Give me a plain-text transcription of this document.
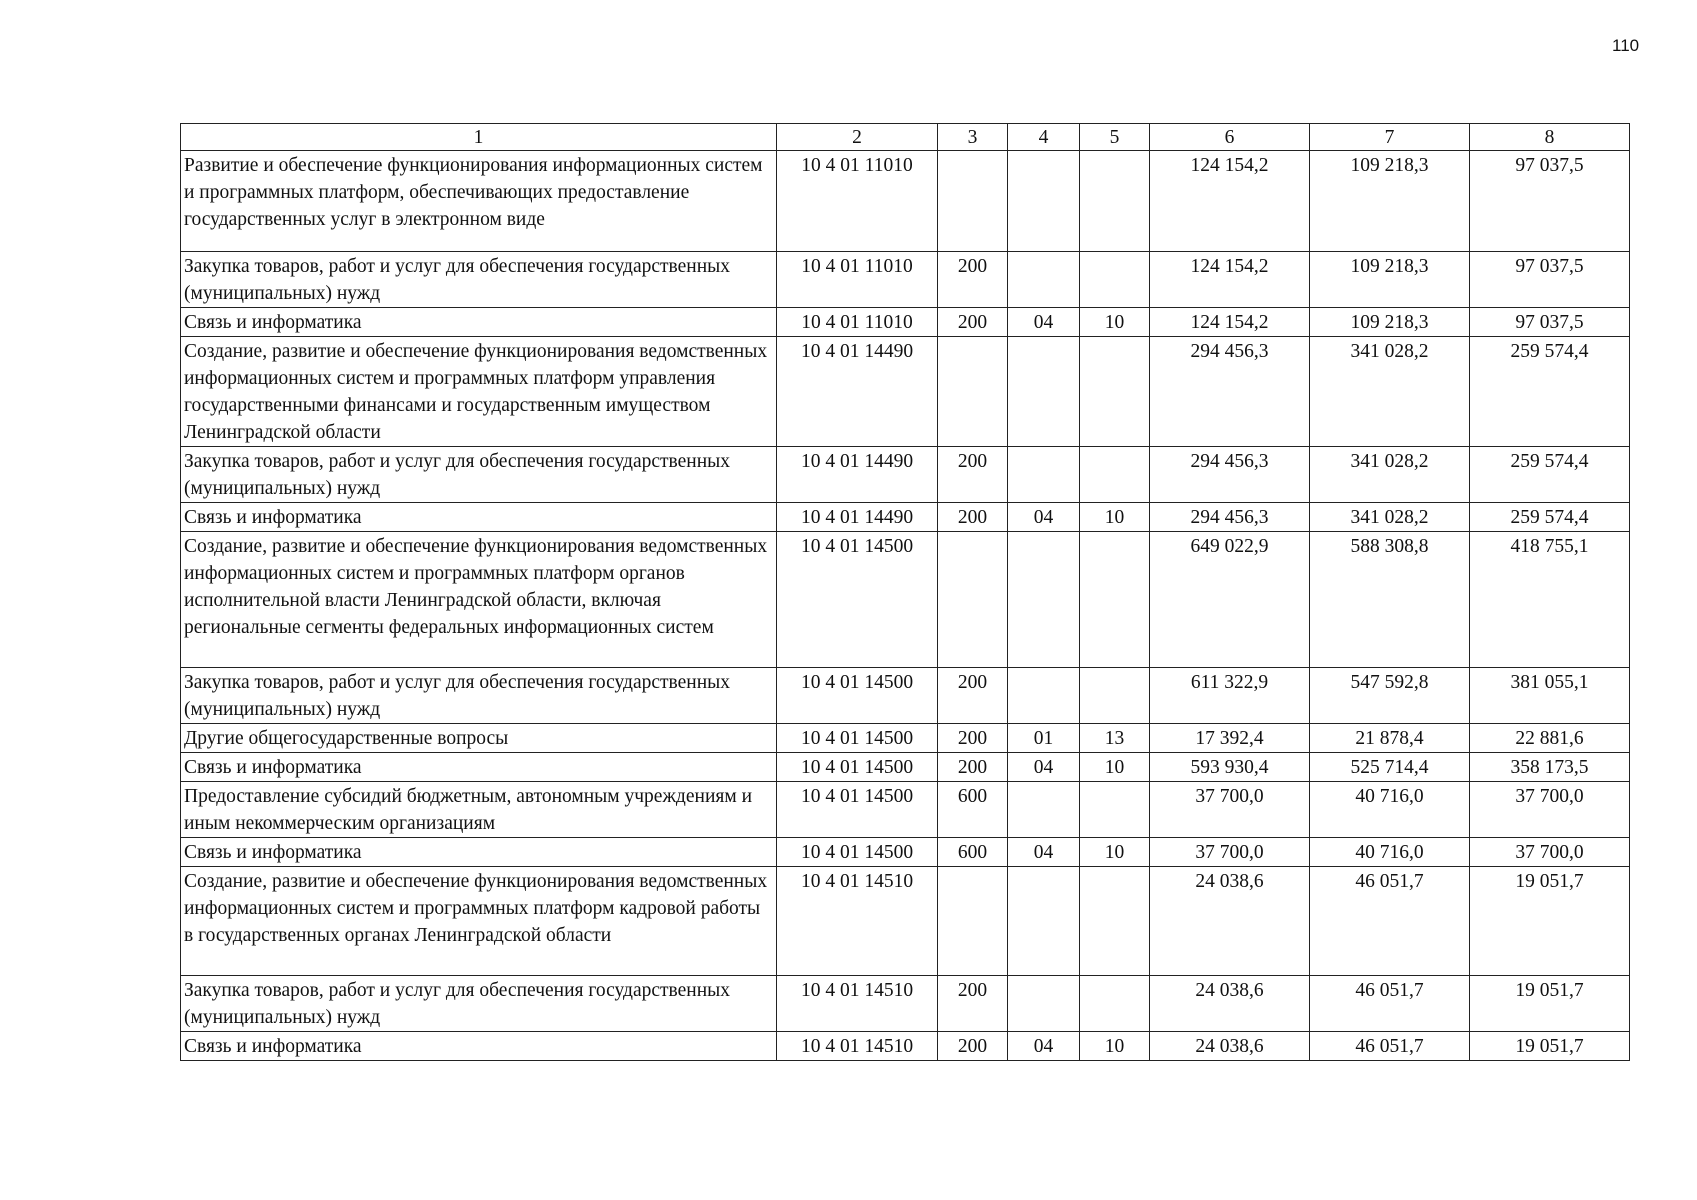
110
1	2	3	4	5	6	7	8
Развитие и обеспечение функционирования информационных систем и программных платформ, обеспечивающих предоставление государственных услуг в электронном виде	10 4 01 11010				124 154,2	109 218,3	97 037,5
Закупка товаров, работ и услуг для обеспечения государственных (муниципальных) нужд	10 4 01 11010	200			124 154,2	109 218,3	97 037,5
Связь и информатика	10 4 01 11010	200	04	10	124 154,2	109 218,3	97 037,5
Создание, развитие и обеспечение функционирования ведомственных информационных систем и программных платформ управления государственными финансами и государственным имуществом Ленинградской области	10 4 01 14490				294 456,3	341 028,2	259 574,4
Закупка товаров, работ и услуг для обеспечения государственных (муниципальных) нужд	10 4 01 14490	200			294 456,3	341 028,2	259 574,4
Связь и информатика	10 4 01 14490	200	04	10	294 456,3	341 028,2	259 574,4
Создание, развитие и обеспечение функционирования ведомственных информационных систем и программных платформ органов исполнительной власти Ленинградской области, включая региональные сегменты федеральных информационных систем	10 4 01 14500				649 022,9	588 308,8	418 755,1
Закупка товаров, работ и услуг для обеспечения государственных (муниципальных) нужд	10 4 01 14500	200			611 322,9	547 592,8	381 055,1
Другие общегосударственные вопросы	10 4 01 14500	200	01	13	17 392,4	21 878,4	22 881,6
Связь и информатика	10 4 01 14500	200	04	10	593 930,4	525 714,4	358 173,5
Предоставление субсидий бюджетным, автономным учреждениям и иным некоммерческим организациям	10 4 01 14500	600			37 700,0	40 716,0	37 700,0
Связь и информатика	10 4 01 14500	600	04	10	37 700,0	40 716,0	37 700,0
Создание, развитие и обеспечение функционирования ведомственных информационных систем и программных платформ кадровой работы в государственных органах Ленинградской области	10 4 01 14510				24 038,6	46 051,7	19 051,7
Закупка товаров, работ и услуг для обеспечения государственных (муниципальных) нужд	10 4 01 14510	200			24 038,6	46 051,7	19 051,7
Связь и информатика	10 4 01 14510	200	04	10	24 038,6	46 051,7	19 051,7
